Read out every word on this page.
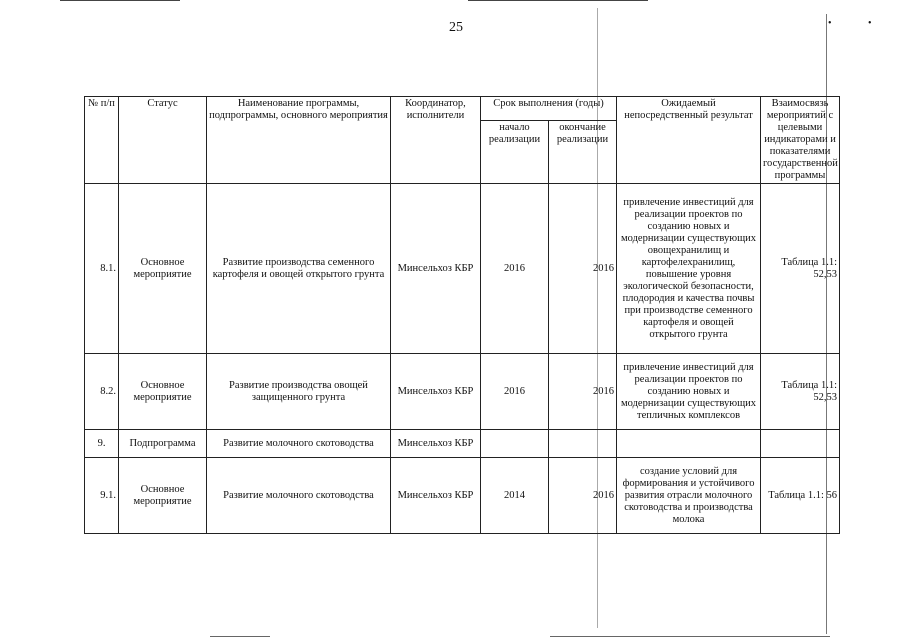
•	•
25
№ п/п	Статус	Наименование программы, подпрограммы, основного мероприятия	Координатор, исполнители	Срок выполнения (годы)		Ожидаемый непосредственный результат	Взаимосвязь мероприятий с целевыми индикаторами и показателями государственной программы
				начало реализации	окончание реализации		
8.1.	Основное мероприятие	Развитие производства семенного картофеля и овощей открытого грунта	Минсельхоз КБР	2016	2016	привлечение инвестиций для реализации проектов по созданию новых и модернизации существующих овощехранилищ и картофелехранилищ, повышение уровня экологической безопасности, плодородия и качества почвы при производстве семенного картофеля и овощей открытого грунта	Таблица 1.1: 52,53
8.2.	Основное мероприятие	Развитие производства овощей защищенного грунта	Минсельхоз КБР	2016	2016	привлечение инвестиций для реализации проектов по созданию новых и модернизации существующих тепличных комплексов	Таблица 1.1: 52,53
9.	Подпрограмма	Развитие молочного скотоводства	Минсельхоз КБР				
9.1.	Основное мероприятие	Развитие молочного скотоводства	Минсельхоз КБР	2014	2016	создание условий для формирования и устойчивого развития отрасли молочного скотоводства и производства молока	Таблица 1.1: 56
